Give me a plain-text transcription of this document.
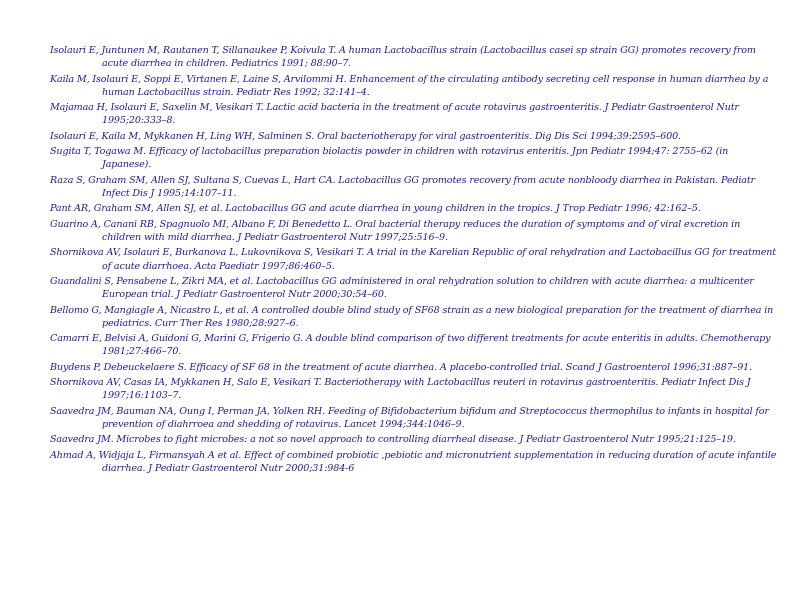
Isolauri E, Juntunen M, Rautanen T, Sillanaukee P, Koivula T. A human Lactobacillus strain (Lactobacillus casei sp strain GG) promotes recovery from acute diarrhea in children. Pediatrics 1991; 88:90–7.
Kaila M, Isolauri E, Soppi E, Virtanen E, Laine S, Arvilommi H. Enhancement of the circulating antibody secreting cell response in human diarrhea by a human Lactobacillus strain. Pediatr Res 1992; 32:141–4.
Majamaa H, Isolauri E, Saxelin M, Vesikari T. Lactic acid bacteria in the treatment of acute rotavirus gastroenteritis. J Pediatr Gastroenterol Nutr 1995;20:333–8.
Isolauri E, Kaila M, Mykkanen H, Ling WH, Salminen S. Oral bacteriotherapy for viral gastroenteritis. Dig Dis Sci 1994;39:2595–600.
Sugita T, Togawa M. Efficacy of lactobacillus preparation biolactis powder in children with rotavirus enteritis. Jpn Pediatr 1994;47: 2755–62 (in Japanese).
Raza S, Graham SM, Allen SJ, Sultana S, Cuevas L, Hart CA. Lactobacillus GG promotes recovery from acute nonbloody diarrhea in Pakistan. Pediatr Infect Dis J 1995;14:107–11.
Pant AR, Graham SM, Allen SJ, et al. Lactobacillus GG and acute diarrhea in young children in the tropics. J Trop Pediatr 1996; 42:162–5.
Guarino A, Canani RB, Spagnuolo MI, Albano F, Di Benedetto L. Oral bacterial therapy reduces the duration of symptoms and of viral excretion in children with mild diarrhea. J Pediatr Gastroenterol Nutr 1997;25:516–9.
Shornikova AV, Isolauri E, Burkanova L, Lukovnikova S, Vesikari T. A trial in the Karelian Republic of oral rehydration and Lactobacillus GG for treatment of acute diarrhoea. Acta Paediatr 1997;86:460–5.
Guandalini S, Pensabene L, Zikri MA, et al. Lactobacillus GG administered in oral rehydration solution to children with acute diarrhea: a multicenter European trial. J Pediatr Gastroenterol Nutr 2000;30:54–60.
Bellomo G, Mangiagle A, Nicastro L, et al. A controlled double blind study of SF68 strain as a new biological preparation for the treatment of diarrhea in pediatrics. Curr Ther Res 1980;28:927–6.
Camarri E, Belvisi A, Guidoni G, Marini G, Frigerio G. A double blind comparison of two different treatments for acute enteritis in adults. Chemotherapy 1981;27:466–70.
Buydens P, Debeuckelaere S. Efficacy of SF 68 in the treatment of acute diarrhea. A placebo-controlled trial. Scand J Gastroenterol 1996;31:887–91.
Shornikova AV, Casas IA, Mykkanen H, Salo E, Vesikari T. Bacteriotherapy with Lactobacillus reuteri in rotavirus gastroenteritis. Pediatr Infect Dis J 1997;16:1103–7.
Saavedra JM, Bauman NA, Oung I, Perman JA, Yolken RH. Feeding of Bifidobacterium bifidum and Streptococcus thermophilus to infants in hospital for prevention of diahrroea and shedding of rotavirus. Lancet 1994;344:1046–9.
Saavedra JM. Microbes to fight microbes: a not so novel approach to controlling diarrheal disease. J Pediatr Gastroenterol Nutr 1995;21:125–19.
Ahmad A, Widjaja L, Firmansyah A et al. Effect of combined probiotic ,pebiotic and micronutrient supplementation in reducing duration of acute infantile diarrhea. J Pediatr Gastroenterol Nutr 2000;31:984-6
